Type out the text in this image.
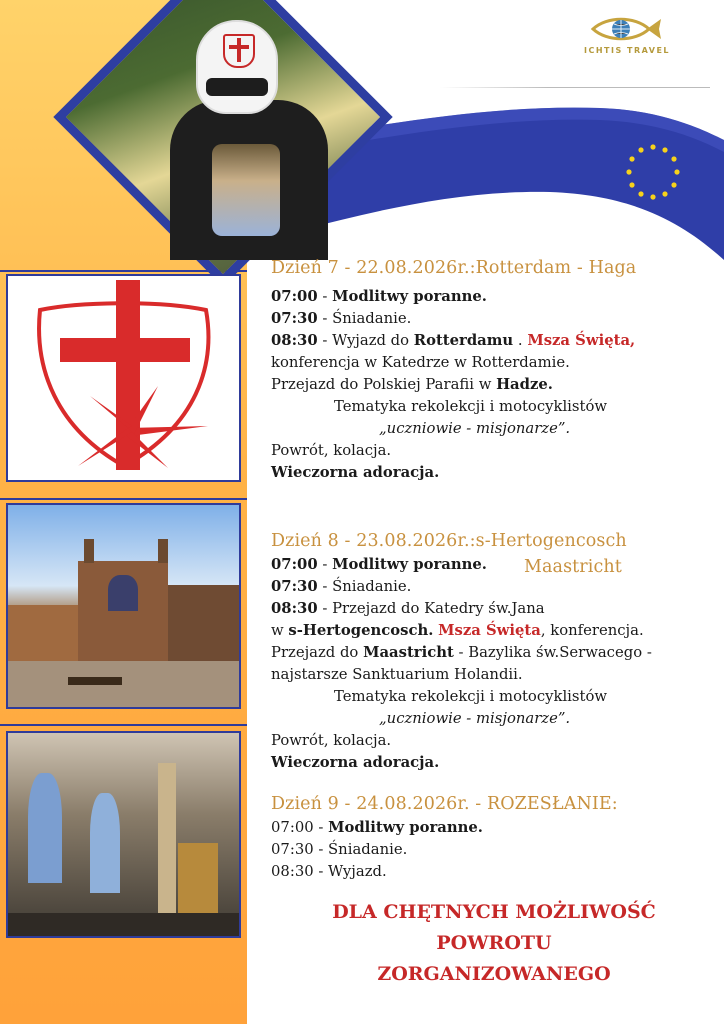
ICHTIS TRAVEL
Dzień 7 - 22.08.2026r.:Rotterdam - Haga
07:00 - Modlitwy poranne.
07:30 - Śniadanie.
08:30 - Wyjazd do Rotterdamu . Msza Święta,
konferencja w Katedrze w Rotterdamie.
Przejazd do Polskiej Parafii w Hadze.
Tematyka rekolekcji i motocyklistów
„uczniowie - misjonarze”.
Powrót, kolacja.
Wieczorna adoracja.
Dzień 8 - 23.08.2026r.:s-Hertogencosch
Maastricht
07:00 - Modlitwy poranne.
07:30 - Śniadanie.
08:30 - Przejazd do Katedry św.Jana
w s-Hertogencosch. Msza Święta, konferencja.
Przejazd do Maastricht - Bazylika św.Serwacego -
najstarsze Sanktuarium Holandii.
Tematyka rekolekcji i motocyklistów
„uczniowie - misjonarze”.
Powrót, kolacja.
Wieczorna adoracja.
Dzień 9 - 24.08.2026r. - ROZESŁANIE:
07:00 - Modlitwy poranne.
07:30 - Śniadanie.
08:30 - Wyjazd.
DLA CHĘTNYCH MOŻLIWOŚĆ
POWROTU
ZORGANIZOWANEGO
